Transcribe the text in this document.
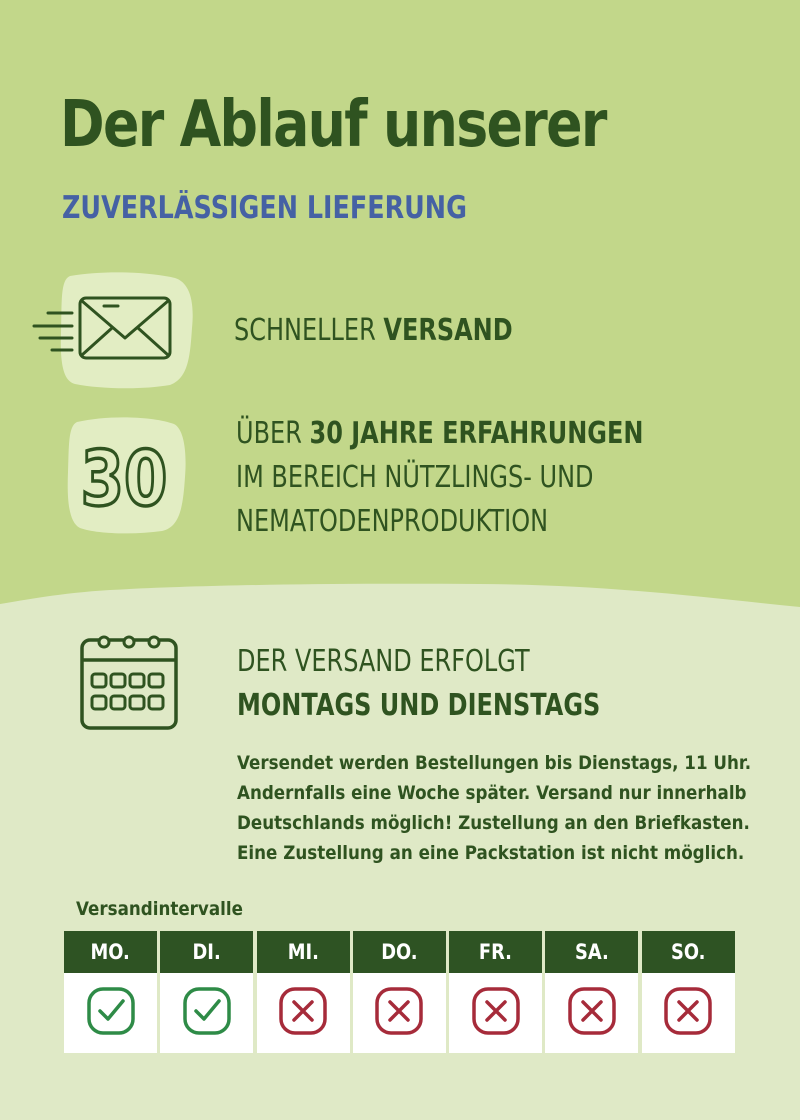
Der Ablauf unserer
ZUVERLÄSSIGEN LIEFERUNG
SCHNELLER VERSAND
30
ÜBER 30 JAHRE ERFAHRUNGEN
IM BEREICH NÜTZLINGS- UND
NEMATODENPRODUKTION
DER VERSAND ERFOLGT
MONTAGS UND DIENSTAGS
Versendet werden Bestellungen bis Dienstags, 11 Uhr.
Andernfalls eine Woche später. Versand nur innerhalb
Deutschlands möglich! Zustellung an den Briefkasten.
Eine Zustellung an eine Packstation ist nicht möglich.
Versandintervalle
MO.	DI.	MI.	DO.	FR.	SA.	SO.
